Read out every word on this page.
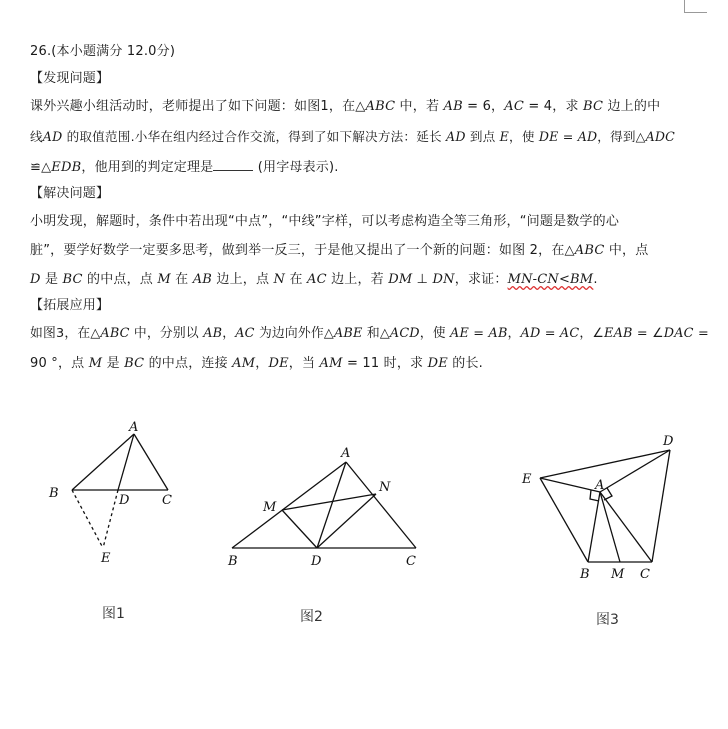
26.(本小题满分 12.0分)
【发现问题】
课外兴趣小组活动时，老师提出了如下问题：如图1，在△ABC 中，若 AB = 6，AC = 4，求 BC 边上的中
线AD 的取值范围.小华在组内经过合作交流，得到了如下解决方法：延长 AD 到点 E，使 DE = AD，得到△ADC
≌△EDB，他用到的判定定理是	(用字母表示).
【解决问题】
小明发现，解题时，条件中若出现“中点”，“中线”字样，可以考虑构造全等三角形，“问题是数学的心
脏”，要学好数学一定要多思考，做到举一反三，于是他又提出了一个新的问题：如图 2，在△ABC 中，点
D 是 BC 的中点，点 M 在 AB 边上，点 N 在 AC 边上，若 DM ⊥ DN，求证：MN-CN<BM.
【拓展应用】
如图3，在△ABC 中，分别以 AB，AC 为边向外作△ABE 和△ACD，使 AE = AB，AD = AC，∠EAB = ∠DAC =
90 °，点 M 是 BC 的中点，连接 AM，DE，当 AM = 11 时，求 DE 的长.
A
B	D	C
E
图1
A
M
N
B	D	C
图2
D
E	A
B M C
图3
